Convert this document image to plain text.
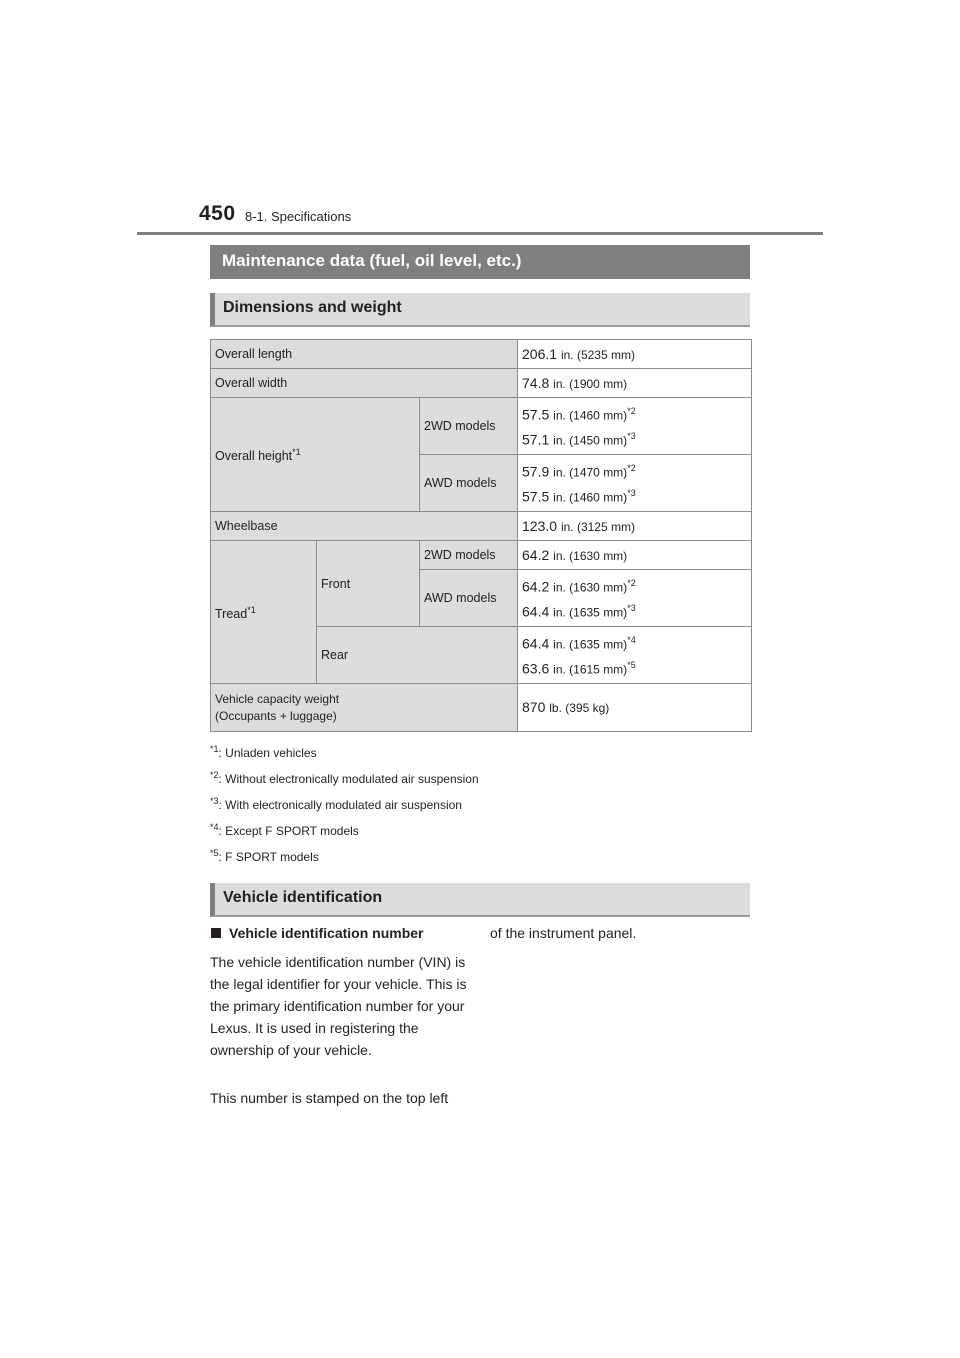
450 8-1. Specifications
Maintenance data (fuel, oil level, etc.)
Dimensions and weight
Overall length			206.1 in. (5235 mm)
Overall width			74.8 in. (1900 mm)
Overall height$^{*1}$		2WD models	57.5 in. (1460 mm)$^{*2}$
57.1 in. (1450 mm)$^{*3}$

		AWD models	57.9 in. (1470 mm)$^{*2}$
57.5 in. (1460 mm)$^{*3}$

Wheelbase			123.0 in. (3125 mm)
Tread$^{*1}$	Front	2WD models	64.2 in. (1630 mm)
		AWD models	64.2 in. (1630 mm)$^{*2}$
64.4 in. (1635 mm)$^{*3}$

	Rear		64.4 in. (1635 mm)$^{*4}$
63.6 in. (1615 mm)$^{*5}$

Vehicle capacity weight
(Occupants + luggage)			870 lb. (395 kg)
$^{*1}$: Unladen vehicles
$^{*2}$: Without electronically modulated air suspension
$^{*3}$: With electronically modulated air suspension
$^{*4}$: Except F SPORT models
$^{*5}$: F SPORT models
Vehicle identification
Vehicle identification number
The vehicle identification number (VIN) is the legal identifier for your vehicle. This is the primary identification number for your Lexus. It is used in registering the ownership of your vehicle.
This number is stamped on the top left
of the instrument panel.
